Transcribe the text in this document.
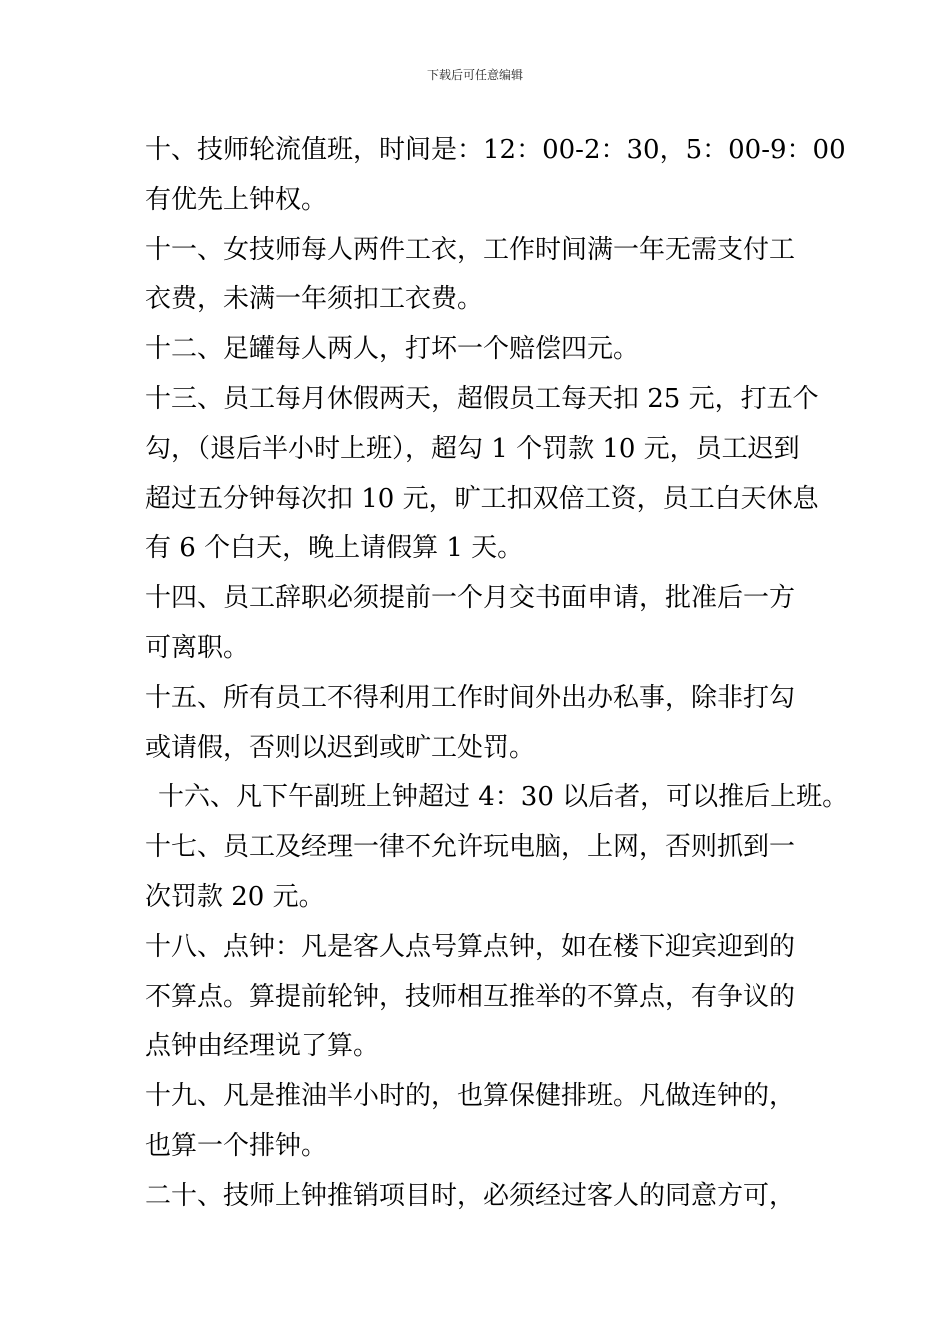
下载后可任意编辑
十、技师轮流值班，时间是：12：00-2：30，5：00-9：00
有优先上钟权。
十一、女技师每人两件工衣，工作时间满一年无需支付工
衣费，未满一年须扣工衣费。
十二、足罐每人两人，打坏一个赔偿四元。
十三、员工每月休假两天，超假员工每天扣 25 元，打五个
勾，（退后半小时上班），超勾 1 个罚款 10 元，员工迟到
超过五分钟每次扣 10 元，旷工扣双倍工资，员工白天休息
有 6 个白天，晚上请假算 1 天。
十四、员工辞职必须提前一个月交书面申请，批准后一方
可离职。
十五、所有员工不得利用工作时间外出办私事，除非打勾
或请假，否则以迟到或旷工处罚。
十六、凡下午副班上钟超过 4：30 以后者，可以推后上班。
十七、员工及经理一律不允许玩电脑，上网，否则抓到一
次罚款 20 元。
十八、点钟：凡是客人点号算点钟，如在楼下迎宾迎到的
不算点。算提前轮钟，技师相互推举的不算点，有争议的
点钟由经理说了算。
十九、凡是推油半小时的，也算保健排班。凡做连钟的，
也算一个排钟。
二十、技师上钟推销项目时，必须经过客人的同意方可，
